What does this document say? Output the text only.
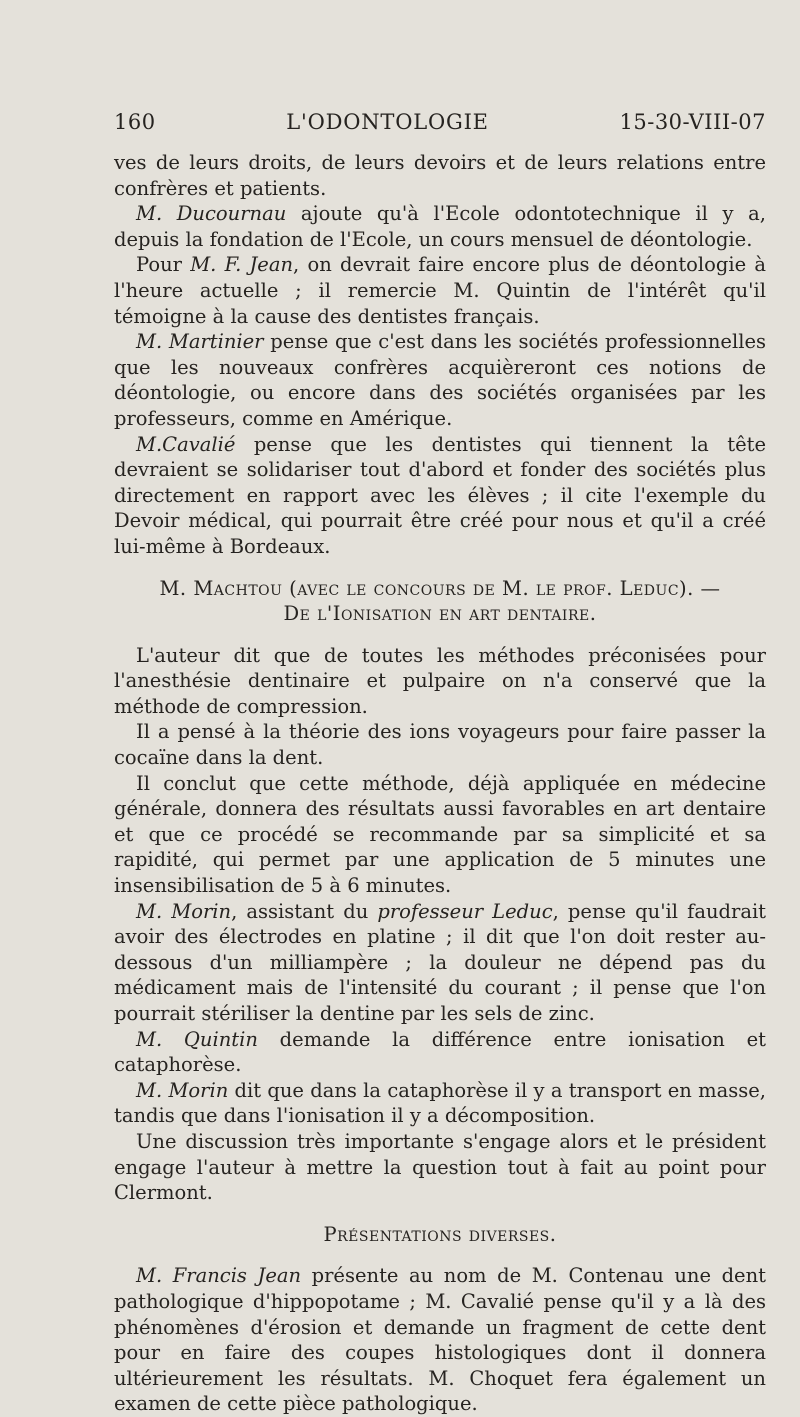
160	L'ODONTOLOGIE	15-30-VIII-07

ves de leurs droits, de leurs devoirs et de leurs relations entre confrères et patients.

M. Ducournau ajoute qu'à l'Ecole odontotechnique il y a, depuis la fondation de l'Ecole, un cours mensuel de déontologie.

Pour M. F. Jean, on devrait faire encore plus de déontologie à l'heure actuelle ; il remercie M. Quintin de l'intérêt qu'il témoigne à la cause des dentistes français.

M. Martinier pense que c'est dans les sociétés professionnelles que les nouveaux confrères acquièreront ces notions de déontologie, ou encore dans des sociétés organisées par les professeurs, comme en Amérique.

M.Cavalié pense que les dentistes qui tiennent la tête devraient se solidariser tout d'abord et fonder des sociétés plus directement en rapport avec les élèves ; il cite l'exemple du Devoir médical, qui pourrait être créé pour nous et qu'il a créé lui-même à Bordeaux.

M. Machtou (avec le concours de M. le prof. Leduc). —

De l'Ionisation en art dentaire.

L'auteur dit que de toutes les méthodes préconisées pour l'anesthésie dentinaire et pulpaire on n'a conservé que la méthode de compression.

Il a pensé à la théorie des ions voyageurs pour faire passer la cocaïne dans la dent.

Il conclut que cette méthode, déjà appliquée en médecine générale, donnera des résultats aussi favorables en art dentaire et que ce procédé se recommande par sa simplicité et sa rapidité, qui permet par une application de 5 minutes une insensibilisation de 5 à 6 minutes.

M. Morin, assistant du professeur Leduc, pense qu'il faudrait avoir des électrodes en platine ; il dit que l'on doit rester au-dessous d'un milliampère ; la douleur ne dépend pas du médicament mais de l'intensité du courant ; il pense que l'on pourrait stériliser la dentine par les sels de zinc.

M. Quintin demande la différence entre ionisation et cataphorèse.

M. Morin dit que dans la cataphorèse il y a transport en masse, tandis que dans l'ionisation il y a décomposition.

Une discussion très importante s'engage alors et le président engage l'auteur à mettre la question tout à fait au point pour Clermont.

Présentations diverses.

M. Francis Jean présente au nom de M. Contenau une dent pathologique d'hippopotame ; M. Cavalié pense qu'il y a là des phénomènes d'érosion et demande un fragment de cette dent pour en faire des coupes histologiques dont il donnera ultérieurement les résultats. M. Choquet fera également un examen de cette pièce pathologique.
